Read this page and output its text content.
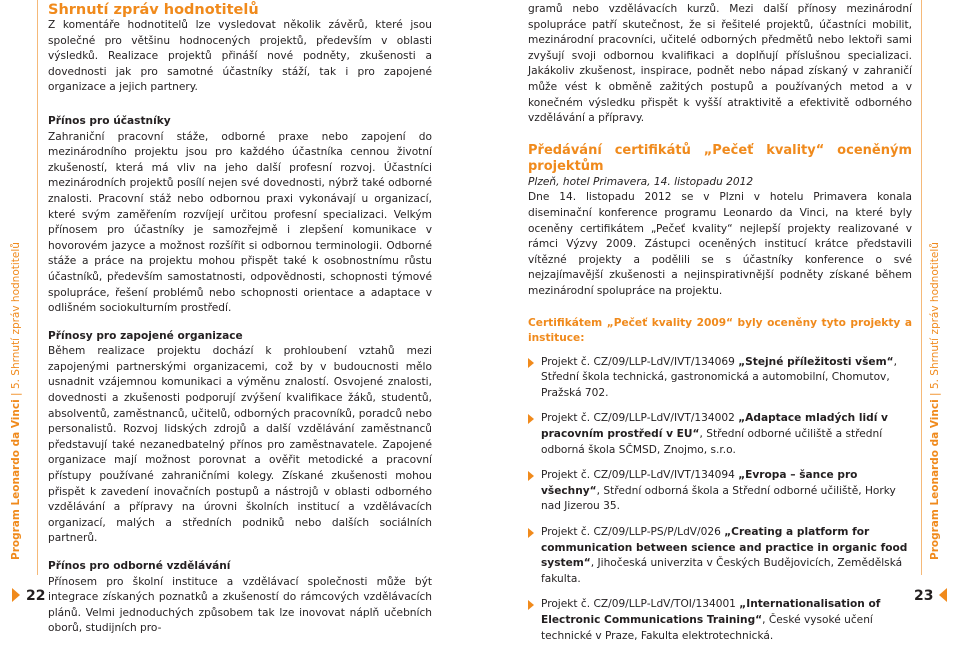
Program Leonardo da Vinci | 5. Shrnutí zpráv hodnotitelů

Shrnutí zpráv hodnotitelů

Z komentáře hodnotitelů lze vysledovat několik závěrů, které jsou společné pro většinu hodnocených projektů, především v oblasti výsledků. Realizace projektů přináší nové podněty, zkušenosti a dovednosti jak pro samotné účastníky stáží, tak i pro zapojené organizace a jejich partnery.

Přínos pro účastníky

Zahraniční pracovní stáže, odborné praxe nebo zapojení do mezinárodního projektu jsou pro každého účastníka cennou životní zkušeností, která má vliv na jeho další profesní rozvoj. Účastníci mezinárodních projektů posílí nejen své dovednosti, nýbrž také odborné znalosti. Pracovní stáž nebo odbornou praxi vykonávají u organizací, které svým zaměřením rozvíjejí určitou profesní specializaci. Velkým přínosem pro účastníky je samozřejmě i zlepšení komunikace v hovorovém jazyce a možnost rozšířit si odbornou terminologii. Odborné stáže a práce na projektu mohou přispět také k osobnostnímu růstu účastníků, především samostatnosti, odpovědnosti, schopnosti týmové spolupráce, řešení problémů nebo schopnosti orientace a adaptace v odlišném sociokulturním prostředí.

Přínosy pro zapojené organizace

Během realizace projektu dochází k prohloubení vztahů mezi zapojenými partnerskými organizacemi, což by v budoucnosti mělo usnadnit vzájemnou komunikaci a výměnu znalostí. Osvojené znalosti, dovednosti a zkušenosti podporují zvýšení kvalifikace žáků, studentů, absolventů, zaměstnanců, učitelů, odborných pracovníků, poradců nebo personalistů. Rozvoj lidských zdrojů a další vzdělávání zaměstnanců představují také nezanedbatelný přínos pro zaměstnavatele. Zapojené organizace mají možnost porovnat a ověřit metodické a pracovní přístupy používané zahraničními kolegy. Získané zkušenosti mohou přispět k zavedení inovačních postupů a nástrojů v oblasti odborného vzdělávání a přípravy na úrovni školních institucí a vzdělávacích organizací, malých a středních podniků nebo dalších sociálních partnerů.

Přínos pro odborné vzdělávání

Přínosem pro školní instituce a vzdělávací společnosti může být integrace získaných poznatků a zkušeností do rámcových vzdělávacích plánů. Velmi jednoduchých způsobem tak lze inovovat náplň učebních oborů, studijních pro-

gramů nebo vzdělávacích kurzů. Mezi další přínosy mezinárodní spolupráce patří skutečnost, že si řešitelé projektů, účastníci mobilit, mezinárodní pracovníci, učitelé odborných předmětů nebo lektoři sami zvyšují svoji odbornou kvalifikaci a doplňují příslušnou specializaci. Jakákoliv zkušenost, inspirace, podnět nebo nápad získaný v zahraničí může vést k obměně zažitých postupů a používaných metod a v konečném výsledku přispět k vyšší atraktivitě a efektivitě odborného vzdělávání a přípravy.

Předávání certifikátů „Pečeť kvality“ oceněným projektům

Plzeň, hotel Primavera, 14. listopadu 2012

Dne 14. listopadu 2012 se v Plzni v hotelu Primavera konala diseminační konference programu Leonardo da Vinci, na které byly oceněny certifikátem „Pečeť kvality“ nejlepší projekty realizované v rámci Výzvy 2009. Zástupci oceněných institucí krátce představili vítězné projekty a podělili se s účastníky konference o své nejzajímavější zkušenosti a nejinspirativnější podněty získané během mezinárodní spolupráce na projektu.

Certifikátem „Pečeť kvality 2009“ byly oceněny tyto projekty a instituce:

Projekt č. CZ/09/LLP-LdV/IVT/134069 „Stejné příležitosti všem“, Střední škola technická, gastronomická a automobilní, Chomutov, Pražská 702.
Projekt č. CZ/09/LLP-LdV/IVT/134002 „Adaptace mladých lidí v pracovním prostředí v EU“, Střední odborné učiliště a střední odborná škola SČMSD, Znojmo, s.r.o.
Projekt č. CZ/09/LLP-LdV/IVT/134094 „Evropa – šance pro všechny“, Střední odborná škola a Střední odborné učiliště, Horky nad Jizerou 35.
Projekt č. CZ/09/LLP-PS/P/LdV/026 „Creating a platform for communication between science and practice in organic food system“, Jihočeská univerzita v Českých Budějovicích, Zemědělská fakulta.
Projekt č. CZ/09/LLP-LdV/TOI/134001 „Internationalisation of Electronic Communications Training“, České vysoké učení technické v Praze, Fakulta elektrotechnická.
Program Leonardo da Vinci | 5. Shrnutí zpráv hodnotitelů
22	23
